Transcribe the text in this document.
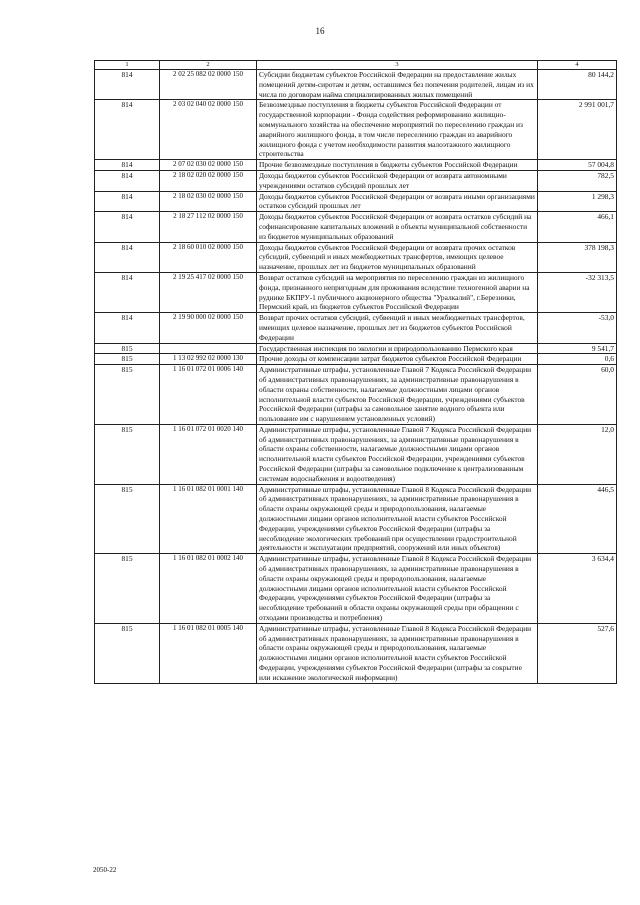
16
1	2	3	4
814	2 02 25 082 02 0000 150	Субсидии бюджетам субъектов Российской Федерации на предоставление жилых помещений детям-сиротам и детям, оставшимся без попечения родителей, лицам из их числа по договорам найма специализированных жилых помещений	80 144,2
814	2 03 02 040 02 0000 150	Безвозмездные поступления в бюджеты субъектов Российской Федерации от государственной корпорации - Фонда содействия реформированию жилищно-коммунального хозяйства на обеспечение мероприятий по переселению граждан из аварийного жилищного фонда, в том числе переселению граждан из аварийного жилищного фонда с учетом необходимости развития малоэтажного жилищного строительства	2 991 001,7
814	2 07 02 030 02 0000 150	Прочие безвозмездные поступления в бюджеты субъектов Российской Федерации	57 004,8
814	2 18 02 020 02 0000 150	Доходы бюджетов субъектов Российской Федерации от возврата автономными учреждениями остатков субсидий прошлых лет	782,5
814	2 18 02 030 02 0000 150	Доходы бюджетов субъектов Российской Федерации от возврата иными организациями остатков субсидий прошлых лет	1 298,3
814	2 18 27 112 02 0000 150	Доходы бюджетов субъектов Российской Федерации от возврата остатков субсидий на софинансирование капитальных вложений в объекты муниципальной собственности из бюджетов муниципальных образований	466,1
814	2 18 60 010 02 0000 150	Доходы бюджетов субъектов Российской Федерации от возврата прочих остатков субсидий, субвенций и иных межбюджетных трансфертов, имеющих целевое назначение, прошлых лет из бюджетов муниципальных образований	378 198,3
814	2 19 25 417 02 0000 150	Возврат остатков субсидий на мероприятия по переселению граждан из жилищного фонда, признанного непригодным для проживания вследствие техногенной аварии на руднике БКПРУ-1 публичного акционерного общества "Уралкалий", г.Березники, Пермский край, из бюджетов субъектов Российской Федерации	-32 313,5
814	2 19 90 000 02 0000 150	Возврат прочих остатков субсидий, субвенций и иных межбюджетных трансфертов, имеющих целевое назначение, прошлых лет из бюджетов субъектов Российской Федерации	-53,0
815		Государственная инспекция по экологии и природопользованию Пермского края	9 541,7
815	1 13 02 992 02 0000 130	Прочие доходы от компенсации затрат бюджетов субъектов Российской Федерации	0,6
815	1 16 01 072 01 0006 140	Административные штрафы, установленные Главой 7 Кодекса Российской Федерации об административных правонарушениях, за административные правонарушения в области охраны собственности, налагаемые должностными лицами органов исполнительной власти субъектов Российской Федерации, учреждениями субъектов Российской Федерации (штрафы за самовольное занятие водного объекта или пользование им с нарушением установленных условий)	60,0
815	1 16 01 072 01 0020 140	Административные штрафы, установленные Главой 7 Кодекса Российской Федерации об административных правонарушениях, за административные правонарушения в области охраны собственности, налагаемые должностными лицами органов исполнительной власти субъектов Российской Федерации, учреждениями субъектов Российской Федерации (штрафы за самовольное подключение к централизованным системам водоснабжения и водоотведения)	12,0
815	1 16 01 082 01 0001 140	Административные штрафы, установленные Главой 8 Кодекса Российской Федерации об административных правонарушениях, за административные правонарушения в области охраны окружающей среды и природопользования, налагаемые должностными лицами органов исполнительной власти субъектов Российской Федерации, учреждениями субъектов Российской Федерации (штрафы за несоблюдение экологических требований при осуществлении градостроительной деятельности и эксплуатации предприятий, сооружений или иных объектов)	446,5
815	1 16 01 082 01 0002 140	Административные штрафы, установленные Главой 8 Кодекса Российской Федерации об административных правонарушениях, за административные правонарушения в области охраны окружающей среды и природопользования, налагаемые должностными лицами органов исполнительной власти субъектов Российской Федерации, учреждениями субъектов Российской Федерации (штрафы за несоблюдение требований в области охраны окружающей среды при обращении с отходами производства и потребления)	3 634,4
815	1 16 01 082 01 0005 140	Административные штрафы, установленные Главой 8 Кодекса Российской Федерации об административных правонарушениях, за административные правонарушения в области охраны окружающей среды и природопользования, налагаемые должностными лицами органов исполнительной власти субъектов Российской Федерации, учреждениями субъектов Российской Федерации (штрафы за сокрытие или искажение экологической информации)	527,6
2050-22
